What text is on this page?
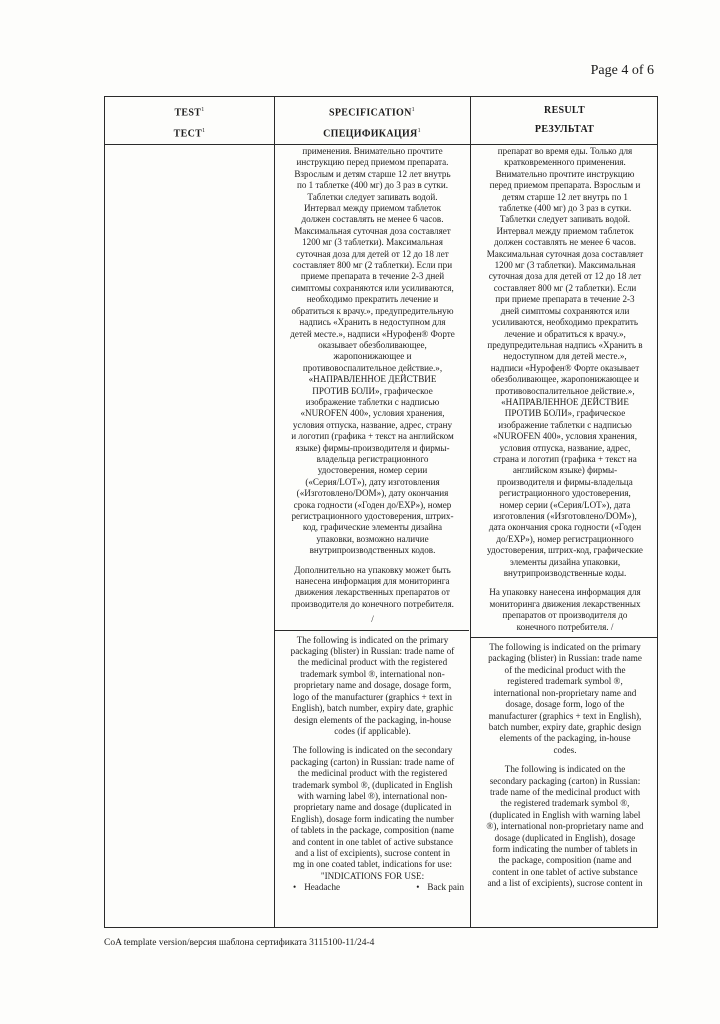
Page 4 of 6
TEST$^1$
ТЕСТ$^1$
SPECIFICATION$^1$
СПЕЦИФИКАЦИЯ$^1$
RESULT
РЕЗУЛЬТАТ

применения. Внимательно прочтите

инструкцию перед приемом препарата.

Взрослым и детям старше 12 лет внутрь

по 1 таблетке (400 мг) до 3 раз в сутки.

Таблетки следует запивать водой.

Интервал между приемом таблеток

должен составлять не менее 6 часов.

Максимальная суточная доза составляет

1200 мг (3 таблетки). Максимальная

суточная доза для детей от 12 до 18 лет

составляет 800 мг (2 таблетки). Если при

приеме препарата в течение 2-3 дней

симптомы сохраняются или усиливаются,

необходимо прекратить лечение и

обратиться к врачу.», предупредительную

надпись «Хранить в недоступном для

детей месте.», надписи «Нурофен® Форте

оказывает обезболивающее,

жаропонижающее и

противовоспалительное действие.»,

«НАПРАВЛЕННОЕ ДЕЙСТВИЕ

ПРОТИВ БОЛИ», графическое

изображение таблетки с надписью

«NUROFEN 400», условия хранения,

условия отпуска, название, адрес, страну

и логотип (графика + текст на английском

языке) фирмы-производителя и фирмы-

владельца регистрационного

удостоверения, номер серии

(«Серия/LOT»), дату изготовления

(«Изготовлено/DOM»), дату окончания

срока годности («Годен до/EXP»), номер

регистрационного удостоверения, штрих-

код, графические элементы дизайна

упаковки, возможно наличие

внутрипроизводственных кодов.

Дополнительно на упаковку может быть

нанесена информация для мониторинга

движения лекарственных препаратов от

производителя до конечного потребителя.

/

The following is indicated on the primary

packaging (blister) in Russian: trade name of

the medicinal product with the registered

trademark symbol ®, international non-

proprietary name and dosage, dosage form,

logo of the manufacturer (graphics + text in

English), batch number, expiry date, graphic

design elements of the packaging, in-house

codes (if applicable).

The following is indicated on the secondary

packaging (carton) in Russian: trade name of

the medicinal product with the registered

trademark symbol ®, (duplicated in English

with warning label ®), international non-

proprietary name and dosage (duplicated in

English), dosage form indicating the number

of tablets in the package, composition (name

and content in one tablet of active substance

and a list of excipients), sucrose content in

mg in one coated tablet, indications for use:

"INDICATIONS FOR USE:

• Headache
•	Back pain

препарат во время еды. Только для

кратковременного применения.

Внимательно прочтите инструкцию

перед приемом препарата. Взрослым и

детям старше 12 лет внутрь по 1

таблетке (400 мг) до 3 раз в сутки.

Таблетки следует запивать водой.

Интервал между приемом таблеток

должен составлять не менее 6 часов.

Максимальная суточная доза составляет

1200 мг (3 таблетки). Максимальная

суточная доза для детей от 12 до 18 лет

составляет 800 мг (2 таблетки). Если

при приеме препарата в течение 2-3

дней симптомы сохраняются или

усиливаются, необходимо прекратить

лечение и обратиться к врачу.»,

предупредительная надпись «Хранить в

недоступном для детей месте.»,

надписи «Нурофен® Форте оказывает

обезболивающее, жаропонижающее и

противовоспалительное действие.»,

«НАПРАВЛЕННОЕ ДЕЙСТВИЕ

ПРОТИВ БОЛИ», графическое

изображение таблетки с надписью

«NUROFEN 400», условия хранения,

условия отпуска, название, адрес,

страна и логотип (графика + текст на

английском языке) фирмы-

производителя и фирмы-владельца

регистрационного удостоверения,

номер серии («Серия/LOT»), дата

изготовления («Изготовлено/DOM»),

дата окончания срока годности («Годен

до/EXP»), номер регистрационного

удостоверения, штрих-код, графические

элементы дизайна упаковки,

внутрипроизводственные коды.

На упаковку нанесена информация для

мониторинга движения лекарственных

препаратов от производителя до

конечного потребителя. /

The following is indicated on the primary

packaging (blister) in Russian: trade name

of the medicinal product with the

registered trademark symbol ®,

international non-proprietary name and

dosage, dosage form, logo of the

manufacturer (graphics + text in English),

batch number, expiry date, graphic design

elements of the packaging, in-house

codes.

The following is indicated on the

secondary packaging (carton) in Russian:

trade name of the medicinal product with

the registered trademark symbol ®,

(duplicated in English with warning label

®), international non-proprietary name and

dosage (duplicated in English), dosage

form indicating the number of tablets in

the package, composition (name and

content in one tablet of active substance

and a list of excipients), sucrose content in

CoA template version/версия шаблона сертификата 3115100-11/24-4
